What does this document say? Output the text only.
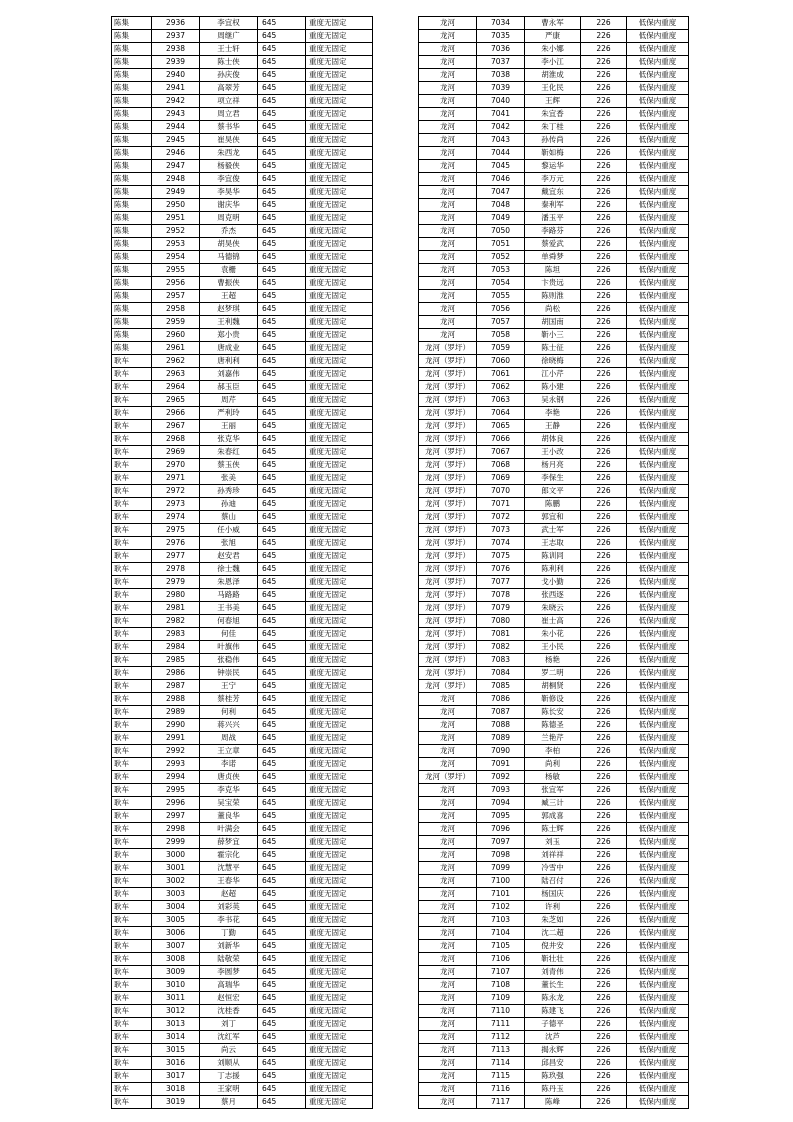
陈集	2936	李宜权	645	重度无固定
陈集	2937	周继广	645	重度无固定
陈集	2938	王士轩	645	重度无固定
陈集	2939	陈士侠	645	重度无固定
陈集	2940	孙庆俊	645	重度无固定
陈集	2941	高翠芳	645	重度无固定
陈集	2942	项立祥	645	重度无固定
陈集	2943	周立君	645	重度无固定
陈集	2944	蔡书华	645	重度无固定
陈集	2945	崔昊侠	645	重度无固定
陈集	2946	朱西龙	645	重度无固定
陈集	2947	杨毅侠	645	重度无固定
陈集	2948	李宜俊	645	重度无固定
陈集	2949	李昊华	645	重度无固定
陈集	2950	谢庆华	645	重度无固定
陈集	2951	周克明	645	重度无固定
陈集	2952	乔杰	645	重度无固定
陈集	2953	胡昊侠	645	重度无固定
陈集	2954	马德锦	645	重度无固定
陈集	2955	袁栅	645	重度无固定
陈集	2956	曹振侠	645	重度无固定
陈集	2957	王超	645	重度无固定
陈集	2958	赵梦琪	645	重度无固定
陈集	2959	王利魏	645	重度无固定
陈集	2960	郑小贵	645	重度无固定
陈集	2961	唐成业	645	重度无固定
耿车	2962	唐利利	645	重度无固定
耿车	2963	刘嘉伟	645	重度无固定
耿车	2964	郝玉臣	645	重度无固定
耿车	2965	周芹	645	重度无固定
耿车	2966	严利玲	645	重度无固定
耿车	2967	王丽	645	重度无固定
耿车	2968	张克华	645	重度无固定
耿车	2969	朱春红	645	重度无固定
耿车	2970	蔡玉侠	645	重度无固定
耿车	2971	张美	645	重度无固定
耿车	2972	孙秀珍	645	重度无固定
耿车	2973	孙迪	645	重度无固定
耿车	2974	蔡山	645	重度无固定
耿车	2975	任小威	645	重度无固定
耿车	2976	张旭	645	重度无固定
耿车	2977	赵安君	645	重度无固定
耿车	2978	徐士魏	645	重度无固定
耿车	2979	朱恩泽	645	重度无固定
耿车	2980	马路路	645	重度无固定
耿车	2981	王书美	645	重度无固定
耿车	2982	何春旭	645	重度无固定
耿车	2983	何佳	645	重度无固定
耿车	2984	叶旗伟	645	重度无固定
耿车	2985	张稳伟	645	重度无固定
耿车	2986	钟崇民	645	重度无固定
耿车	2987	王宁	645	重度无固定
耿车	2988	蔡桂芳	645	重度无固定
耿车	2989	何利	645	重度无固定
耿车	2990	蒋兴兴	645	重度无固定
耿车	2991	周战	645	重度无固定
耿车	2992	王立章	645	重度无固定
耿车	2993	李诺	645	重度无固定
耿车	2994	唐贞侠	645	重度无固定
耿车	2995	李克华	645	重度无固定
耿车	2996	吴宝荣	645	重度无固定
耿车	2997	董良华	645	重度无固定
耿车	2998	叶满会	645	重度无固定
耿车	2999	薛梦宜	645	重度无固定
耿车	3000	霍宗化	645	重度无固定
耿车	3001	沈慧平	645	重度无固定
耿车	3002	王春华	645	重度无固定
耿车	3003	赵超	645	重度无固定
耿车	3004	刘彩英	645	重度无固定
耿车	3005	李书花	645	重度无固定
耿车	3006	丁勤	645	重度无固定
耿车	3007	刘新华	645	重度无固定
耿车	3008	陆敬荣	645	重度无固定
耿车	3009	李圆梦	645	重度无固定
耿车	3010	高瑞华	645	重度无固定
耿车	3011	赵恒宏	645	重度无固定
耿车	3012	沈桂香	645	重度无固定
耿车	3013	刘丁	645	重度无固定
耿车	3014	沈红军	645	重度无固定
耿车	3015	尚云	645	重度无固定
耿车	3016	刘顺从	645	重度无固定
耿车	3017	丁志援	645	重度无固定
耿车	3018	王家明	645	重度无固定
耿车	3019	蔡月	645	重度无固定
龙河	7034	曹永军	226	低保内重度
龙河	7035	严康	226	低保内重度
龙河	7036	朱小娜	226	低保内重度
龙河	7037	李小江	226	低保内重度
龙河	7038	胡淮成	226	低保内重度
龙河	7039	王化民	226	低保内重度
龙河	7040	王辉	226	低保内重度
龙河	7041	朱宜香	226	低保内重度
龙河	7042	朱丁桂	226	低保内重度
龙河	7043	孙传尚	226	低保内重度
龙河	7044	靳如梅	226	低保内重度
龙河	7045	黎运华	226	低保内重度
龙河	7046	李万元	226	低保内重度
龙河	7047	戴宜东	226	低保内重度
龙河	7048	秦利军	226	低保内重度
龙河	7049	潘玉平	226	低保内重度
龙河	7050	李路芬	226	低保内重度
龙河	7051	蔡爱武	226	低保内重度
龙河	7052	单舜梦	226	低保内重度
龙河	7053	陈坦	226	低保内重度
龙河	7054	卞贵远	226	低保内重度
龙河	7055	陈则淮	226	低保内重度
龙河	7056	尚松	226	低保内重度
龙河	7057	胡国南	226	低保内重度
龙河	7058	靳小三	226	低保内重度
龙河（罗圩）	7059	陈士征	226	低保内重度
龙河（罗圩）	7060	徐晓梅	226	低保内重度
龙河（罗圩）	7061	江小芹	226	低保内重度
龙河（罗圩）	7062	陈小建	226	低保内重度
龙河（罗圩）	7063	吴永钢	226	低保内重度
龙河（罗圩）	7064	李艳	226	低保内重度
龙河（罗圩）	7065	王静	226	低保内重度
龙河（罗圩）	7066	胡体良	226	低保内重度
龙河（罗圩）	7067	王小改	226	低保内重度
龙河（罗圩）	7068	杨月亮	226	低保内重度
龙河（罗圩）	7069	李保生	226	低保内重度
龙河（罗圩）	7070	郎文平	226	低保内重度
龙河（罗圩）	7071	陈鹏	226	低保内重度
龙河（罗圩）	7072	郭宜和	226	低保内重度
龙河（罗圩）	7073	武士军	226	低保内重度
龙河（罗圩）	7074	王志取	226	低保内重度
龙河（罗圩）	7075	陈训同	226	低保内重度
龙河（罗圩）	7076	陈利利	226	低保内重度
龙河（罗圩）	7077	戈小勤	226	低保内重度
龙河（罗圩）	7078	张西逐	226	低保内重度
龙河（罗圩）	7079	朱晓云	226	低保内重度
龙河（罗圩）	7080	崔士高	226	低保内重度
龙河（罗圩）	7081	朱小花	226	低保内重度
龙河（罗圩）	7082	王小民	226	低保内重度
龙河（罗圩）	7083	杨艳	226	低保内重度
龙河（罗圩）	7084	罗二明	226	低保内重度
龙河（罗圩）	7085	胡桐贤	226	低保内重度
龙河	7086	靳修设	226	低保内重度
龙河	7087	陈长安	226	低保内重度
龙河	7088	陈德圣	226	低保内重度
龙河	7089	兰艳芹	226	低保内重度
龙河	7090	李柏	226	低保内重度
龙河	7091	尚利	226	低保内重度
龙河（罗圩）	7092	杨敏	226	低保内重度
龙河	7093	张宜军	226	低保内重度
龙河	7094	臧三计	226	低保内重度
龙河	7095	郭成喜	226	低保内重度
龙河	7096	陈士辉	226	低保内重度
龙河	7097	刘玉	226	低保内重度
龙河	7098	刘祥祥	226	低保内重度
龙河	7099	冷雪中	226	低保内重度
龙河	7100	陆召付	226	低保内重度
龙河	7101	杨国庆	226	低保内重度
龙河	7102	许利	226	低保内重度
龙河	7103	朱芝如	226	低保内重度
龙河	7104	沈二超	226	低保内重度
龙河	7105	倪井安	226	低保内重度
龙河	7106	靳壮壮	226	低保内重度
龙河	7107	刘青伟	226	低保内重度
龙河	7108	董长生	226	低保内重度
龙河	7109	陈永龙	226	低保内重度
龙河	7110	陈建飞	226	低保内重度
龙河	7111	子德平	226	低保内重度
龙河	7112	沈芦	226	低保内重度
龙河	7113	揭永辉	226	低保内重度
龙河	7114	邱昌安	226	低保内重度
龙河	7115	陈玖强	226	低保内重度
龙河	7116	陈丹玉	226	低保内重度
龙河	7117	陈峰	226	低保内重度
